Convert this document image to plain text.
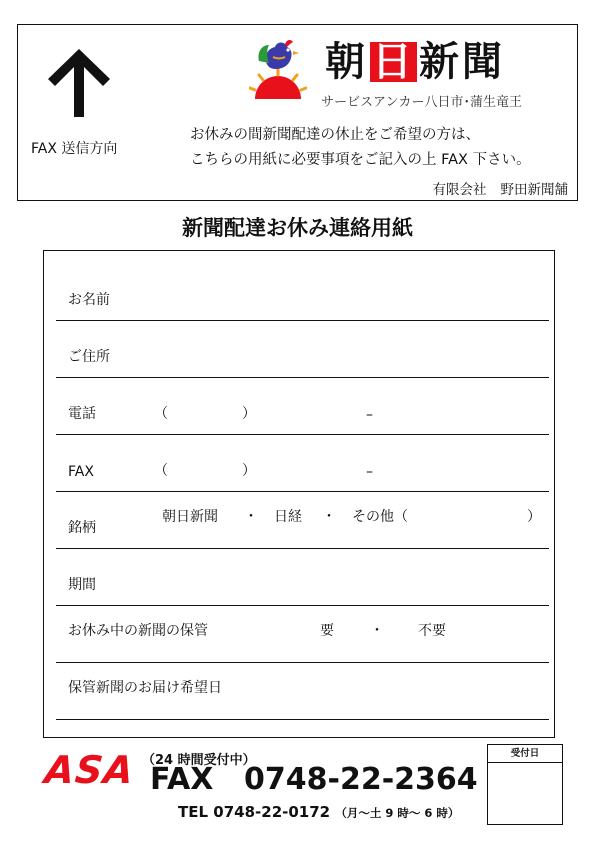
FAX 送信方向
朝 日 新聞
サービスアンカー八日市･蒲生竜王
お休みの間新聞配達の休止をご希望の方は、
こちらの用紙に必要事項をご記入の上 FAX 下さい。
有限会社 野田新聞舗
新聞配達お休み連絡用紙
お名前
ご住所
電話	（	）	–
FAX	（	）	–
銘柄
朝日新聞 ・ 日経 ・ その他（	）
期間
お休み中の新聞の保管	要	・ 不要
保管新聞のお届け希望日
ASA （24 時間受付中）
FAX 0748-22-2364
TEL 0748-22-0172 （月〜土 9 時〜 6 時）
受付日
